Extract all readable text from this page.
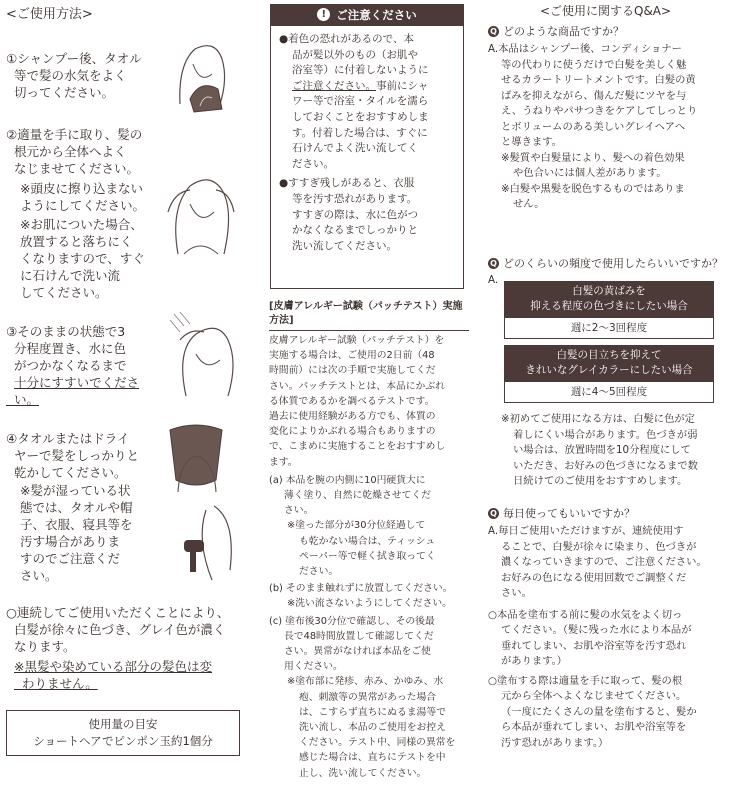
<ご使用方法>
①シャンプー後、タオル
等で髪の水気をよく
切ってください。
②適量を手に取り、髪の
根元から全体へよく
なじませてください。
※頭皮に擦り込まない
ようにしてください。
※お肌についた場合、
放置すると落ちにく
くなりますので、すぐ
に石けんで洗い流
してください。
③そのままの状態で3
分程度置き、水に色
がつかなくなるまで
十分にすすいでくださ
い。
④タオルまたはドライ
ヤーで髪をしっかりと
乾かしてください。
※髪が湿っている状
態では、タオルや帽
子、衣服、寝具等を
汚す場合がありま
すのでご注意くだ
さい。
○連続してご使用いただくことにより、
白髪が徐々に色づき、グレイ色が濃く
なります。
※黒髪や染めている部分の髪色は変
わりません。
使用量の目安
ショートヘアでピンポン玉約1個分
! ご注意ください
●着色の恐れがあるので、本
品が髪以外のもの（お肌や
浴室等）に付着しないように
ご注意ください。事前にシャ
ワー等で浴室・タイルを濡ら
しておくことをおすすめしま
す。付着した場合は、すぐに
石けんでよく洗い流してく
ださい。
●すすぎ残しがあると、衣服
等を汚す恐れがあります。
すすぎの際は、水に色がつ
かなくなるまでしっかりと
洗い流してください。
[皮膚アレルギー試験（パッチテスト）実施方法]

皮膚アレルギー試験（パッチテスト）を
実施する場合は、ご使用の2日前（48
時間前）には次の手順で実施してくだ
さい。パッチテストとは、本品にかぶれ
る体質であるかを調べるテストです。
過去に使用経験がある方でも、体質の
変化によりかぶれる場合もありますの
で、こまめに実施することをおすすめし
ます。

(a) 本品を腕の内側に10円硬貨大に
薄く塗り、自然に乾燥させてくだ
さい。

※塗った部分が30分位経過して
も乾かない場合は、ティッシュ
ペーパー等で軽く拭き取ってく
ださい。

(b) そのまま触れずに放置してください。

※洗い流さないようにしてください。

(c) 塗布後30分位で確認し、その後最
長で48時間放置して確認してくだ
さい。異常がなければ本品をご使
用ください。

※塗布部に発疹、赤み、かゆみ、水
疱、刺激等の異常があった場合
は、こすらず直ちにぬるま湯等で
洗い流し、本品のご使用をお控え
ください。テスト中、同様の異常を
感じた場合は、直ちにテストを中
止し、洗い流してください。

<ご使用に関するQ&A>
Q どのような商品ですか？
A.本品はシャンプー後、コンディショナー
等の代わりに使うだけで白髪を美しく魅
せるカラートリートメントです。白髪の黄
ばみを抑えながら、傷んだ髪にツヤを与
え、うねりやパサつきをケアしてしっとり
とボリュームのある美しいグレイヘアへ
と導きます。
※髪質や白髪量により、髪への着色効果
や色合いには個人差があります。
※白髪や黒髪を脱色するものではありま
せん。
Q どのくらいの頻度で使用したらいいですか？
A.
白髪の黄ばみを
抑える程度の色づきにしたい場合
週に2～3回程度
白髪の目立ちを抑えて
きれいなグレイカラーにしたい場合
週に4～5回程度
※初めてご使用になる方は、白髪に色が定
着しにくい場合があります。色づきが弱
い場合は、放置時間を10分程度にして
いただき、お好みの色づきになるまで数
日続けてのご使用をおすすめします。
Q 毎日使ってもいいですか？
A.毎日ご使用いただけますが、連続使用す
ることで、白髪が徐々に染まり、色づきが
濃くなっていきますので、ご注意ください。
お好みの色になる使用回数でご調整くだ
さい。
○本品を塗布する前に髪の水気をよく切っ
てください。（髪に残った水により本品が
垂れてしまい、お肌や浴室等を汚す恐れ
があります。）
○塗布する際は適量を手に取って、髪の根
元から全体へよくなじませてください。
（一度にたくさんの量を塗布すると、髪か
ら本品が垂れてしまい、お肌や浴室等を
汚す恐れがあります。）
